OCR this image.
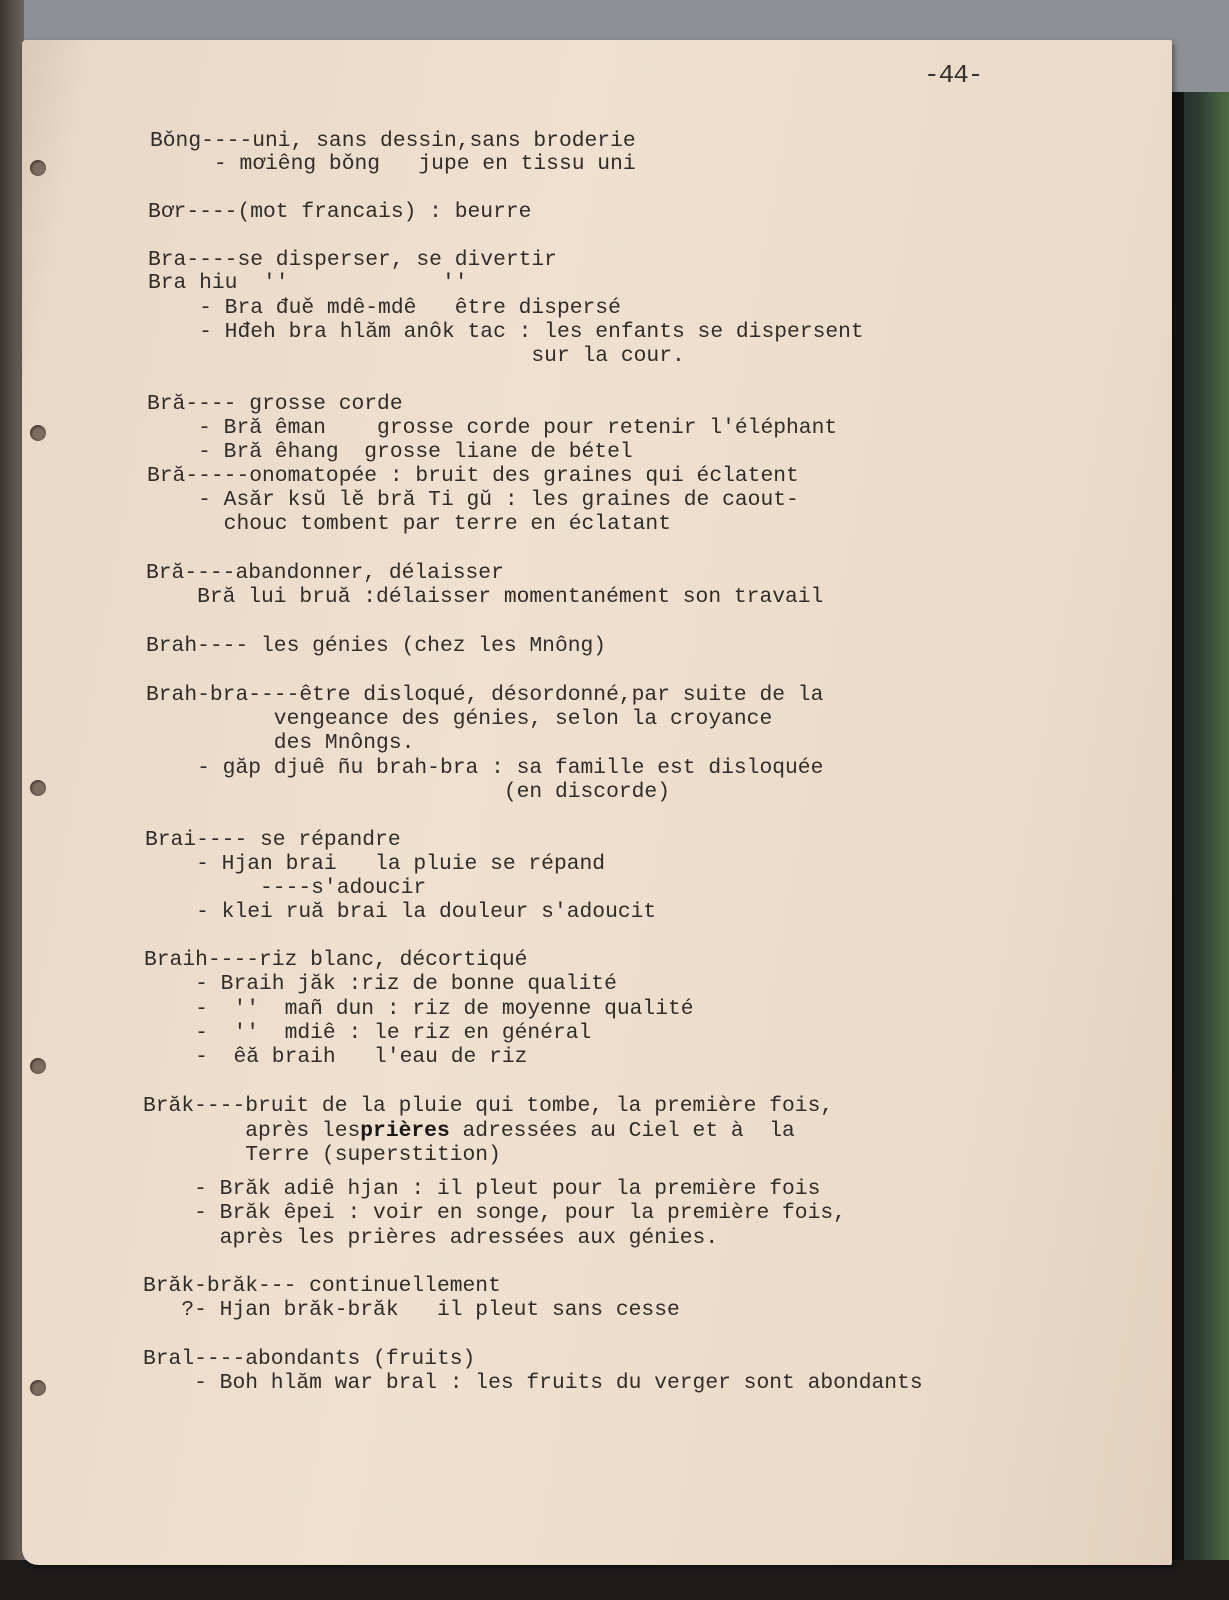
-44-
Bǒng----uni, sans dessin,sans broderie
- mơiêng bǒng   jupe en tissu uni
Bơr----(mot francais) : beurre
Bra----se disperser, se divertir
Bra hiu  ''            ''
- Bra đuě mdê-mdê   être dispersé
- Hđeh bra hlăm anôk tac : les enfants se dispersent
sur la cour.
Bră---- grosse corde
- Bră êman    grosse corde pour retenir l'éléphant
- Bră êhang  grosse liane de bétel
Bră-----onomatopée : bruit des graines qui éclatent
- Asăr ksŭ lĕ bră Ti gŭ : les graines de caout-
chouc tombent par terre en éclatant
Bră----abandonner, délaisser
Bră lui bruă :délaisser momentanément son travail
Brah---- les génies (chez les Mnông)
Brah-bra----être disloqué, désordonné,par suite de la
vengeance des génies, selon la croyance
des Mnôngs.
- găp djuê ñu brah-bra : sa famille est disloquée
(en discorde)
Brai---- se répandre
- Hjan brai   la pluie se répand
----s'adoucir
- klei ruă brai la douleur s'adoucit
Braih----riz blanc, décortiqué
- Braih jăk :riz de bonne qualité
-  ''  mañ dun : riz de moyenne qualité
-  ''  mdiê : le riz en général
-  êă braih   l'eau de riz
Brăk----bruit de la pluie qui tombe, la première fois,
après lesprières adressées au Ciel et à  la
Terre (superstition)
- Brăk adiê hjan : il pleut pour la première fois
- Brăk êpei : voir en songe, pour la première fois,
après les prières adressées aux génies.
Brăk-brăk--- continuellement
?- Hjan brăk-brăk   il pleut sans cesse
Bral----abondants (fruits)
- Boh hlăm war bral : les fruits du verger sont abondants
